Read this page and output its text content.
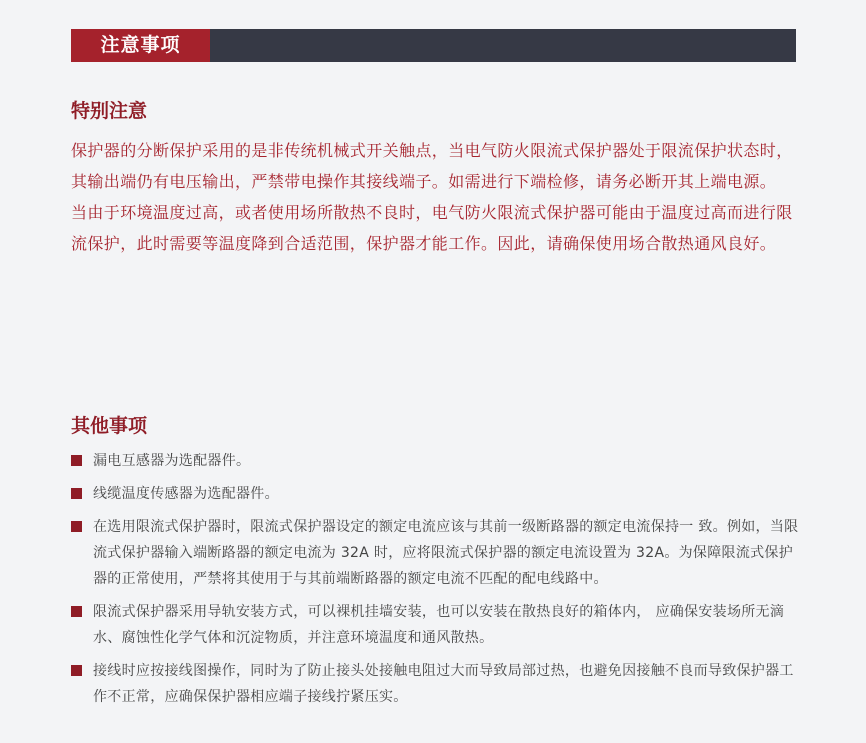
注意事项
特别注意

保护器的分断保护采用的是非传统机械式开关触点，当电气防火限流式保护器处于限流保护状态时，其输出端仍有电压输出，严禁带电操作其接线端子。如需进行下端检修，请务必断开其上端电源。

当由于环境温度过高，或者使用场所散热不良时，电气防火限流式保护器可能由于温度过高而进行限流保护，此时需要等温度降到合适范围，保护器才能工作。因此，请确保使用场合散热通风良好。

其他事项
漏电互感器为选配器件。
线缆温度传感器为选配器件。
在选用限流式保护器时，限流式保护器设定的额定电流应该与其前一级断路器的额定电流保持一 致。例如，当限流式保护器输入端断路器的额定电流为 32A 时，应将限流式保护器的额定电流设置为 32A。为保障限流式保护器的正常使用，严禁将其使用于与其前端断路器的额定电流不匹配的配电线路中。
限流式保护器采用导轨安装方式，可以裸机挂墙安装，也可以安装在散热良好的箱体内， 应确保安装场所无滴水、腐蚀性化学气体和沉淀物质，并注意环境温度和通风散热。
接线时应按接线图操作，同时为了防止接头处接触电阻过大而导致局部过热，也避免因接触不良而导致保护器工作不正常，应确保保护器相应端子接线拧紧压实。
